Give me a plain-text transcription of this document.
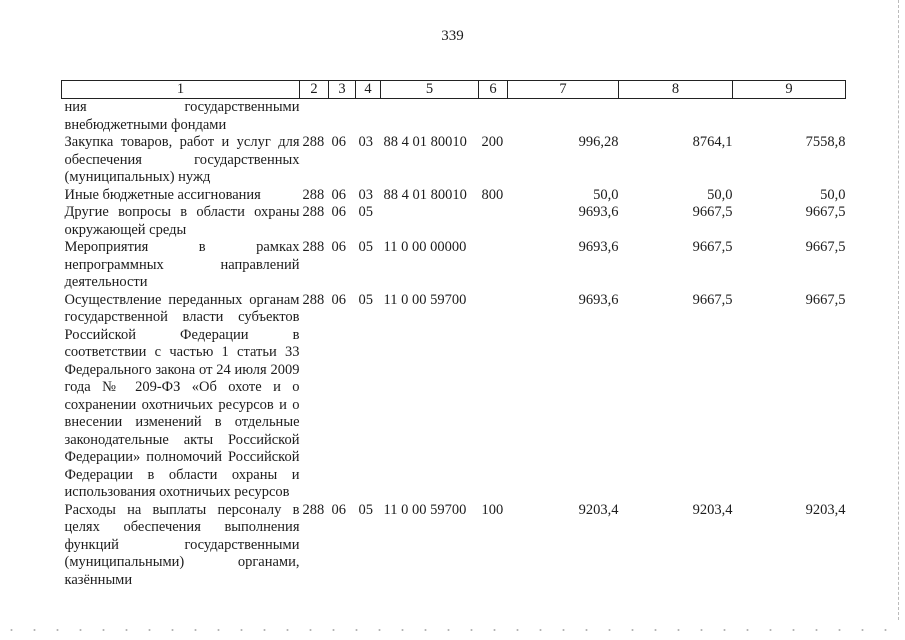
339
1	2	3	4	5	6	7	8	9
ния государственными внебюджетными фондами								
Закупка товаров, работ и услуг для обеспечения государственных (муниципальных) нужд	288	06	03	88 4 01 80010	200	996,28	8764,1	7558,8
Иные бюджетные ассигнования	288	06	03	88 4 01 80010	800	50,0	50,0	50,0
Другие вопросы в области охраны окружающей среды	288	06	05			9693,6	9667,5	9667,5
Мероприятия в рамках непрограммных направлений деятельности	288	06	05	11 0 00 00000		9693,6	9667,5	9667,5
Осуществление переданных органам государственной власти субъектов Российской Федерации в соответствии с частью 1 статьи 33 Федерального закона от 24 июля 2009 года № 209-ФЗ «Об охоте и о сохранении охотничьих ресурсов и о внесении изменений в отдельные законодательные акты Российской Федерации» полномочий Российской Федерации в области охраны и использования охотничьих ресурсов	288	06	05	11 0 00 59700		9693,6	9667,5	9667,5
Расходы на выплаты персоналу в целях обеспечения выполнения функций государственными (муниципальными) органами, казёнными	288	06	05	11 0 00 59700	100	9203,4	9203,4	9203,4
